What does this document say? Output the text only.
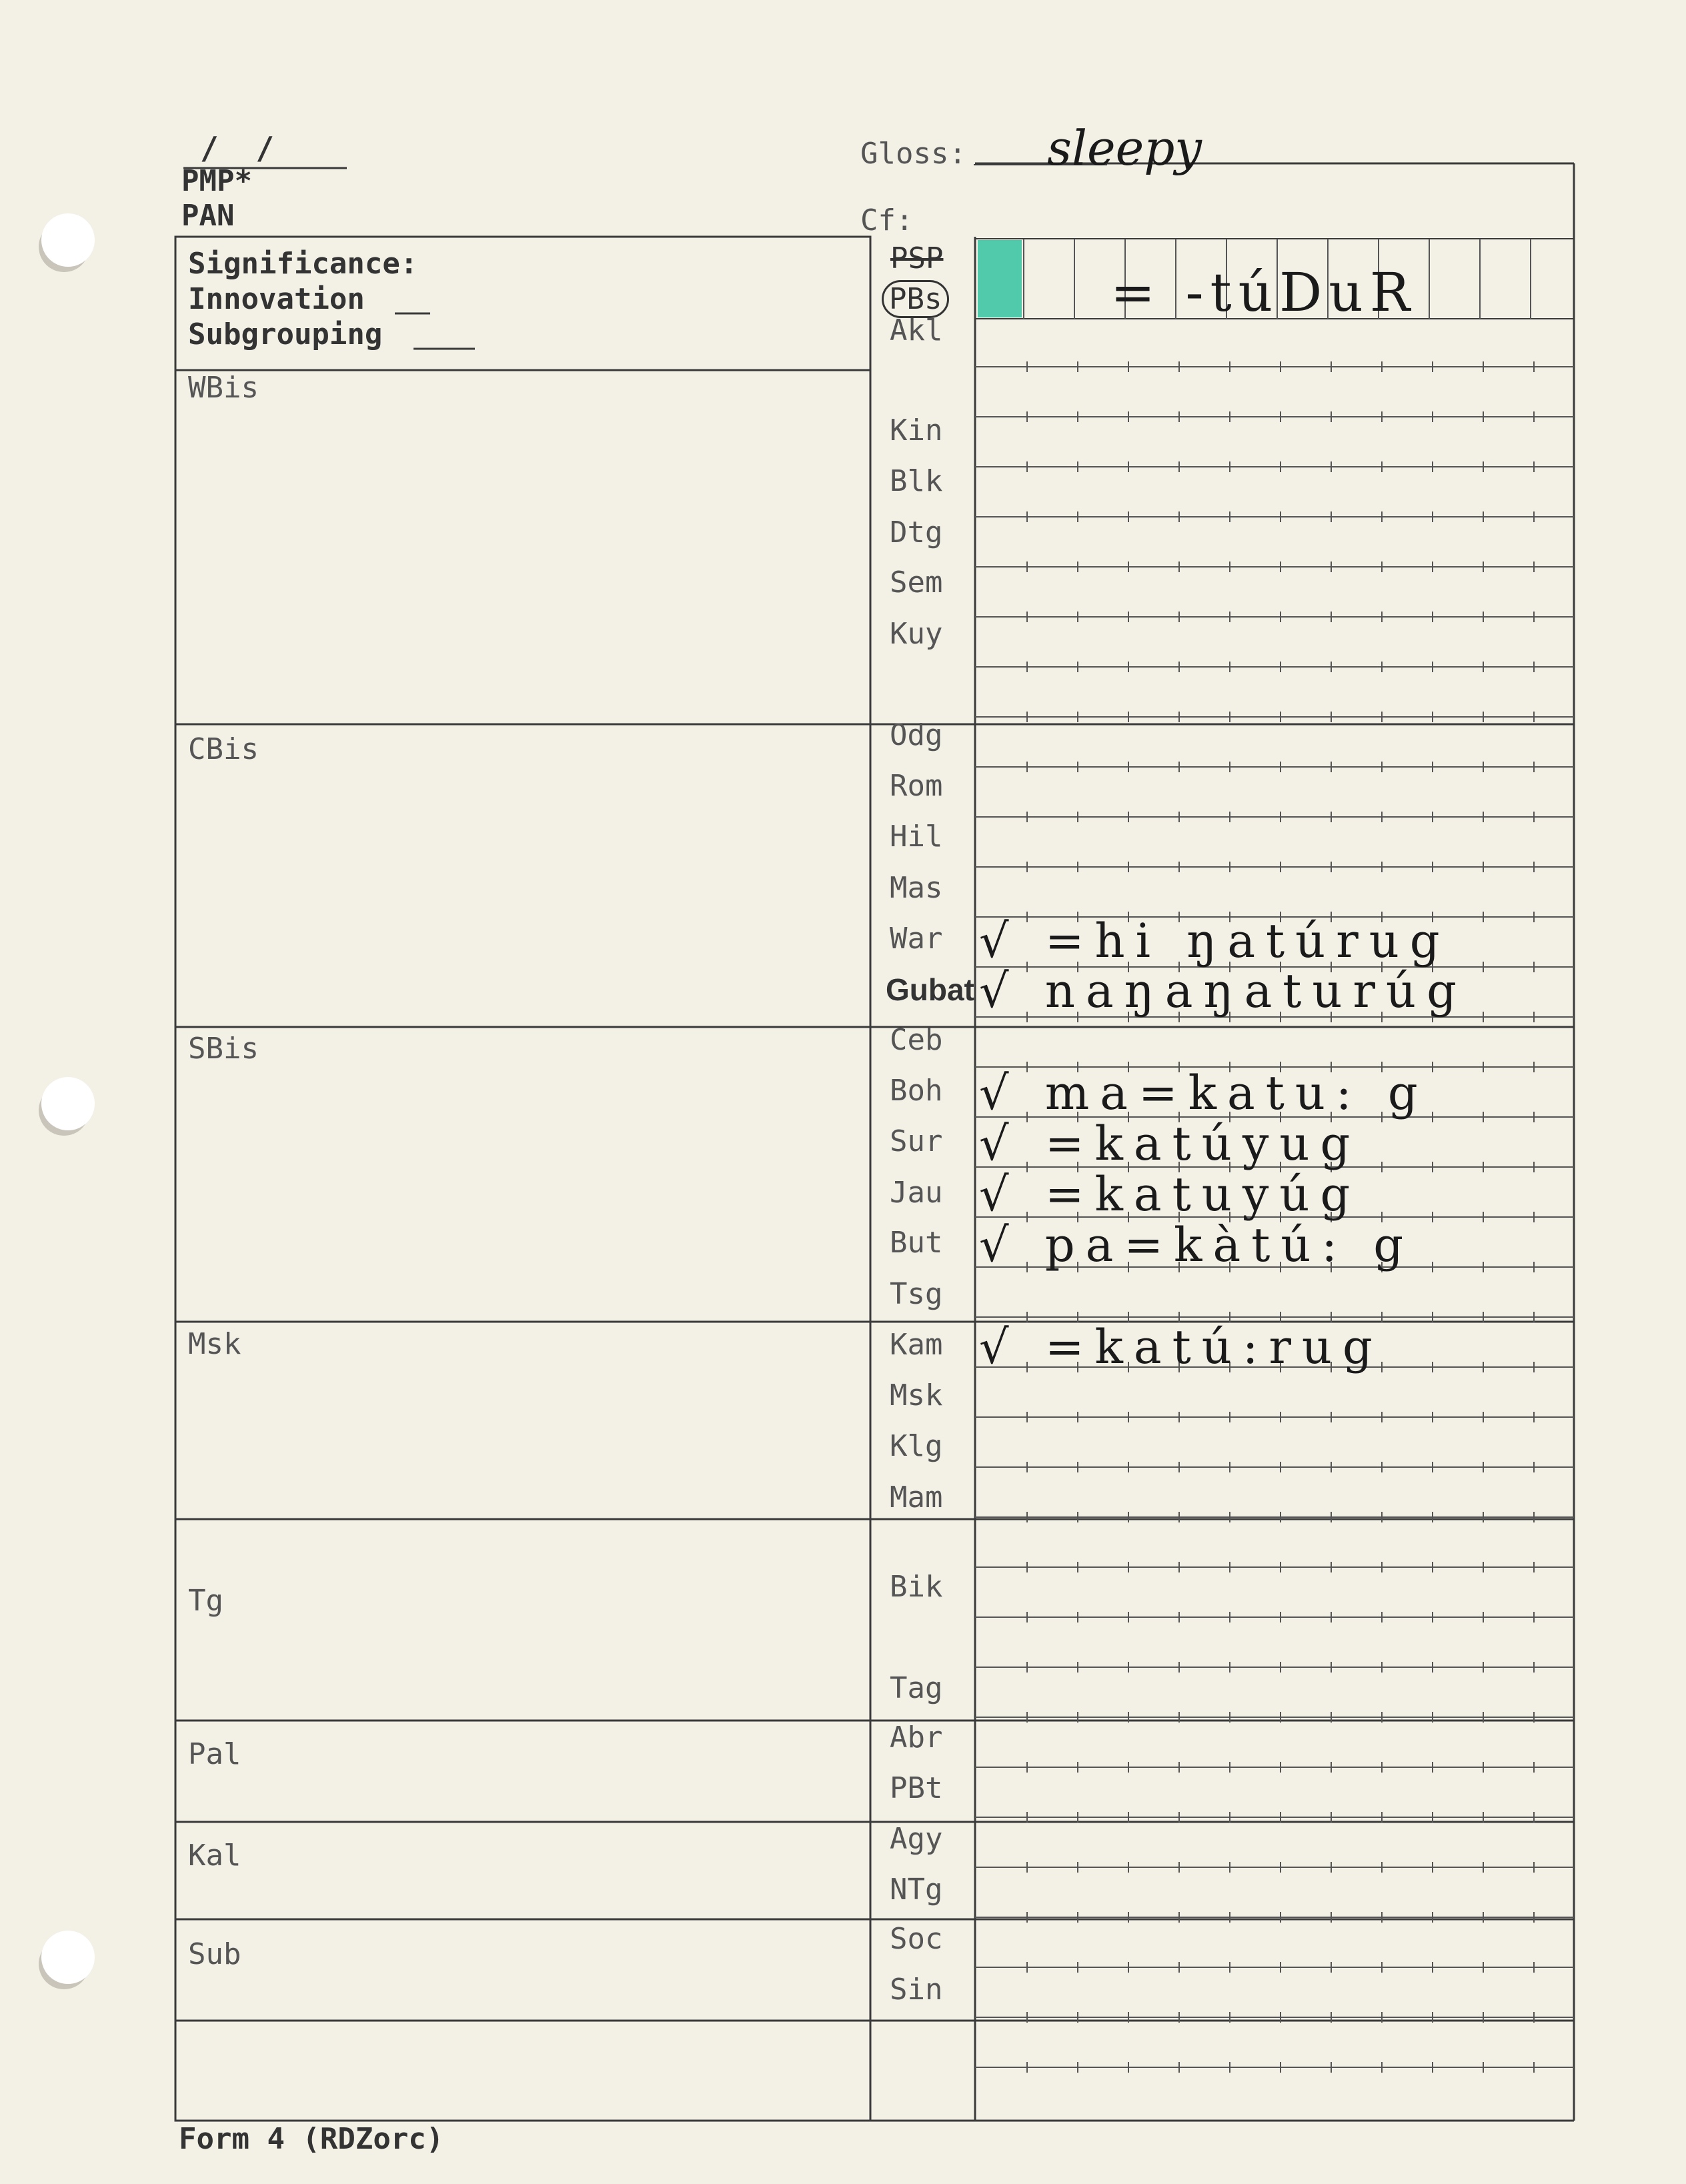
/ /
PMP*
PAN
Gloss: sleepy
Cf:
Significance:
Innovation
Subgrouping
WBis
CBis
SBis
Msk
Tg
Pal
Kal
Sub
PSP
PBs	= -túDuR
Akl
Kin
Blk
Dtg
Sem
Kuy
Odg
Rom
Hil
Mas
War √ =hi ŋatúrug
Gubat √ naŋaŋaturúg
Ceb
Boh √ ma=katu: g
Sur √ =katúyug
Jau √ =katuyúg
But √ pa=kàtú: g
Tsg
Kam √ =katú:rug
Msk
Klg
Mam
Bik
Tag
Abr
PBt
Agy
NTg
Soc
Sin
Form 4 (RDZorc)
